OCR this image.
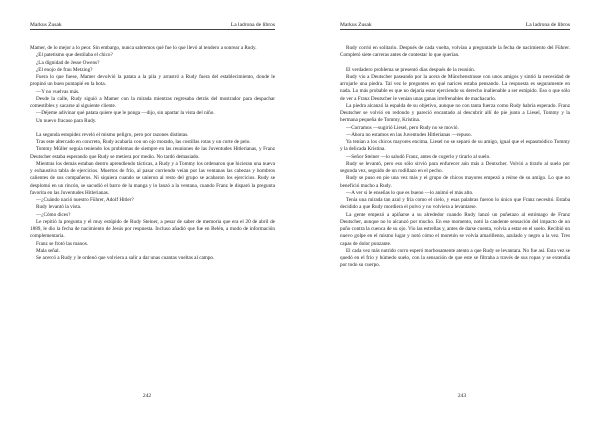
Markus Zusak	La ladrona de libros

Mamer, de lo mejor a lo peor. Sin embargo, nunca sabremos qué fue lo que llevó al tendero a sonrear a Rudy.

¿El patetismo que destilaba el chico?

¿La dignidad de Jesse Owens?

¿El enojo de frau Metzing?

Fuera lo que fuese, Mamer devolvió la patata a la pila y arrastró a Rudy fuera del establecimiento, donde le propinó un buen puntapié en la bota.

—Y no vuelvas más.

Desde la calle, Rudy siguió a Mamer con la mirada mientras regresaba detrás del mostrador para despachar comestibles y sacarse al siguiente cliente.

—Déjeme adivinar qué patata quiere que le ponga —dijo, sin apartar la vista del niño.

Un nuevo fracaso para Rudy.

La segunda estupidez reveló el mismo peligro, pero por razones distintas.

Tras este altercado en concreto, Rudy acabaría con un ojo morado, las costillas rotas y un corte de pelo.

Tommy Müller seguía teniendo los problemas de siempre en las reuniones de las Juventudes Hitlerianas, y Franz Deutscher estaba esperando que Rudy se metiera por medio. No tardó demasiado.

Mientras los demás estaban dentro aprendiendo tácticas, a Rudy y a Tommy los ordenaron que hicieran una nueva y exhaustiva tabla de ejercicios. Muertos de frío, al pasar corriendo veían por las ventanas las cabezas y hombros calientes de sus compañeros. Ni siquiera cuando se unieron al resto del grupo se acabaron los ejercicios. Rudy se desplomó en un rincón, se sacudió el barro de la manga y lo lanzó a la ventana, cuando Franz le disparó la pregunta favorita en las Juventudes Hitlerianas.

—¿Cuándo nació nuestro Führer, Adolf Hitler?

Rudy levantó la vista.

—¿Cómo dices?

Le repitió la pregunta y el muy estúpido de Rudy Steiner, a pesar de saber de memoria que era el 20 de abril de 1889, le dio la fecha de nacimiento de Jesús por respuesta. Incluso añadió que fue en Belén, a modo de información complementaria.

Franz se frotó las manos.

Mala señal.

Se acercó a Rudy y le ordenó que volviera a salir a dar unas cuantas vueltas al campo.

242
Markus Zusak	La ladrona de libros

Rudy corrió en solitario. Después de cada vuelta, volvían a preguntarle la fecha de nacimiento del Führer. Completó siete carreras antes de contestar lo que querían.

El verdadero problema se presentó días después de la reunión.

Rudy vio a Deutscher paseando por la acera de Münchenstrasse con unos amigos y sintió la necesidad de arrojarle una piedra. Tal vez le preguntes en qué narices estaba pensando. La respuesta es seguramente en nada. Lo más probable es que no dejaría estar ejerciendo su derecho inalienable a ser estúpido. Eso o que sólo de ver a Franz Deutscher le venían unas ganas irrefrenables de machacarlo.

La piedra alcanzó la espalda de su objetivo, aunque no con tanta fuerza como Rudy habría esperado. Franz Deutscher se volvió en redondo y pareció encantado al descubrir allí de pie junto a Liesel, Tommy y la hermana pequeña de Tommy, Kristina.

—Corramos —sugirió Liesel, pero Rudy no se movió.

—Ahora no estamos en las Juventudes Hitlerianas —repuso.

Ya tenían a los chicos mayores encima. Liesel no se separó de su amigo, igual que el espasmódico Tommy y la delicada Kristina.

—Señor Steiner —lo saludó Franz, antes de cogerlo y tirarlo al suelo.

Rudy se levantó, pero eso sólo sirvió para enfurecer aún más a Deutscher. Volvió a tirarlo al suelo por segunda vez, seguido de un rodillazo en el pecho.

Rudy se puso en pie una vez más y el grupo de chicos mayores empezó a reírse de su amigo. Lo que no benefició mucho a Rudy.

—A ver si le enseñas lo que es bueno —lo animó el más alto.

Tenía una mirada tan azul y fría como el cielo, y esas palabras fueron lo único que Franz necesitó. Estaba decidido a que Rudy mordiera el polvo y no volviera a levantarse.

La gente empezó a apiñarse a su alrededor cuando Rudy lanzó un puñetazo al estómago de Franz Deutscher, aunque no lo alcanzó por mucho. En ese momento, notó la candente sensación del impacto de un puño contra la cuenca de su ojo. Vio las estrellas y, antes de darse cuenta, volvía a estar en el suelo. Recibió un nuevo golpe en el mismo lugar y notó cómo el moretón se volvía amarillento, azulado y negro a la vez. Tres capas de dolor punzante.

El cada vez más nutrido corro esperó morbosamente atento a que Rudy se levantara. No fue así. Esta vez se quedó en el frío y húmedo suelo, con la sensación de que este se filtraba a través de sus ropas y se extendía por todo su cuerpo.

243
